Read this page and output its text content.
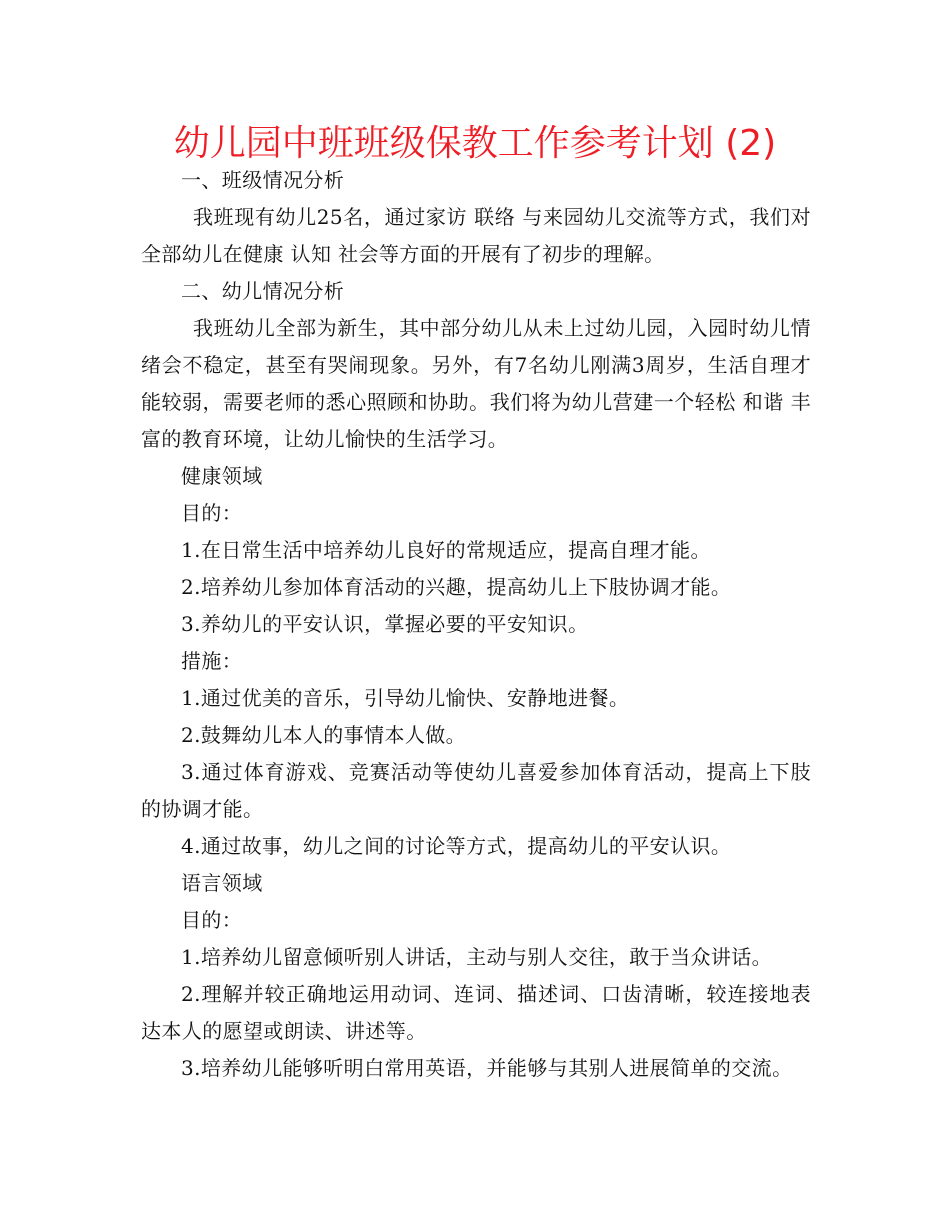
幼儿园中班班级保教工作参考计划 (2)

一、班级情况分析

我班现有幼儿25名，通过家访 联络 与来园幼儿交流等方式，我们对全部幼儿在健康 认知 社会等方面的开展有了初步的理解。

二、幼儿情况分析

我班幼儿全部为新生，其中部分幼儿从未上过幼儿园，入园时幼儿情绪会不稳定，甚至有哭闹现象。另外，有7名幼儿刚满3周岁，生活自理才能较弱，需要老师的悉心照顾和协助。我们将为幼儿营建一个轻松 和谐 丰富的教育环境，让幼儿愉快的生活学习。

健康领域

目的：

1.在日常生活中培养幼儿良好的常规适应，提高自理才能。

2.培养幼儿参加体育活动的兴趣，提高幼儿上下肢协调才能。

3.养幼儿的平安认识，掌握必要的平安知识。

措施：

1.通过优美的音乐，引导幼儿愉快、安静地进餐。

2.鼓舞幼儿本人的事情本人做。

3.通过体育游戏、竞赛活动等使幼儿喜爱参加体育活动，提高上下肢的协调才能。

4.通过故事，幼儿之间的讨论等方式，提高幼儿的平安认识。

语言领域

目的：

1.培养幼儿留意倾听别人讲话，主动与别人交往，敢于当众讲话。

2.理解并较正确地运用动词、连词、描述词、口齿清晰，较连接地表达本人的愿望或朗读、讲述等。

3.培养幼儿能够听明白常用英语，并能够与其别人进展简单的交流。
